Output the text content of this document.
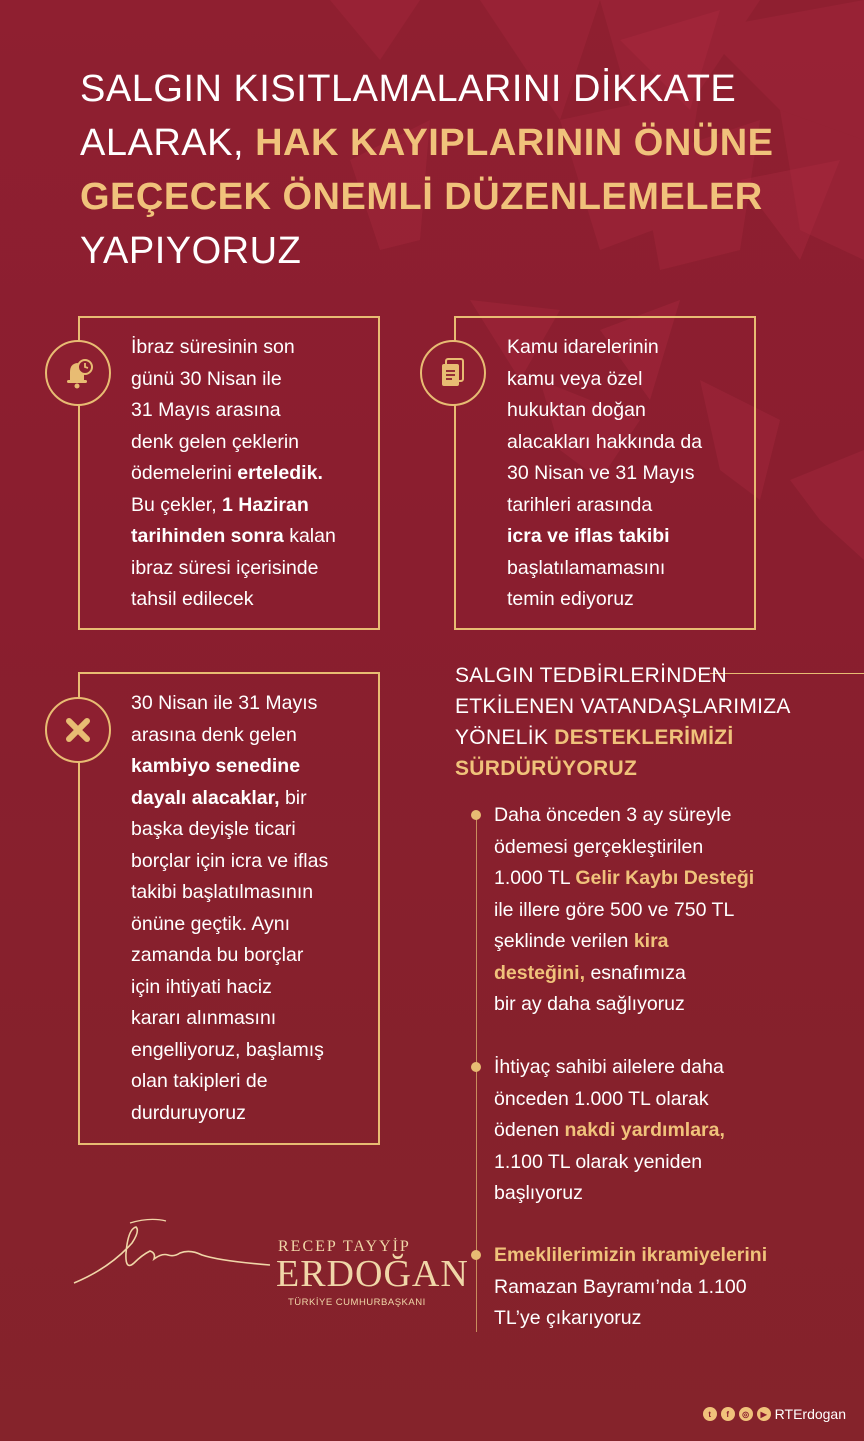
SALGIN KISITLAMALARINI DİKKATE
ALARAK, HAK KAYIPLARININ ÖNÜNE
GEÇECEK ÖNEMLİ DÜZENLEMELER
YAPIYORUZ
İbraz süresinin son
günü 30 Nisan ile
31 Mayıs arasına
denk gelen çeklerin
ödemelerini erteledik.
Bu çekler, 1 Haziran
tarihinden sonra kalan
ibraz süresi içerisinde
tahsil edilecek
Kamu idarelerinin
kamu veya özel
hukuktan doğan
alacakları hakkında da
30 Nisan ve 31 Mayıs
tarihleri arasında
icra ve iflas takibi
başlatılamamasını
temin ediyoruz
30 Nisan ile 31 Mayıs
arasına denk gelen
kambiyo senedine
dayalı alacaklar, bir
başka deyişle ticari
borçlar için icra ve iflas
takibi başlatılmasının
önüne geçtik. Aynı
zamanda bu borçlar
için ihtiyati haciz
kararı alınmasını
engelliyoruz, başlamış
olan takipleri de
durduruyoruz
SALGIN TEDBİRLERİNDEN
ETKİLENEN VATANDAŞLARIMIZA
YÖNELİK DESTEKLERİMİZİ
SÜRDÜRÜYORUZ
Daha önceden 3 ay süreyle
ödemesi gerçekleştirilen
1.000 TL Gelir Kaybı Desteği
ile illere göre 500 ve 750 TL
şeklinde verilen kira
desteğini, esnafımıza
bir ay daha sağlıyoruz
İhtiyaç sahibi ailelere daha
önceden 1.000 TL olarak
ödenen nakdi yardımlara,
1.100 TL olarak yeniden
başlıyoruz
Emeklilerimizin ikramiyelerini
Ramazan Bayramı’nda 1.100
TL’ye çıkarıyoruz
RECEP TAYYİP
ERDOĞAN
TÜRKİYE CUMHURBAŞKANI
t	f	◎	▶ RTErdogan
